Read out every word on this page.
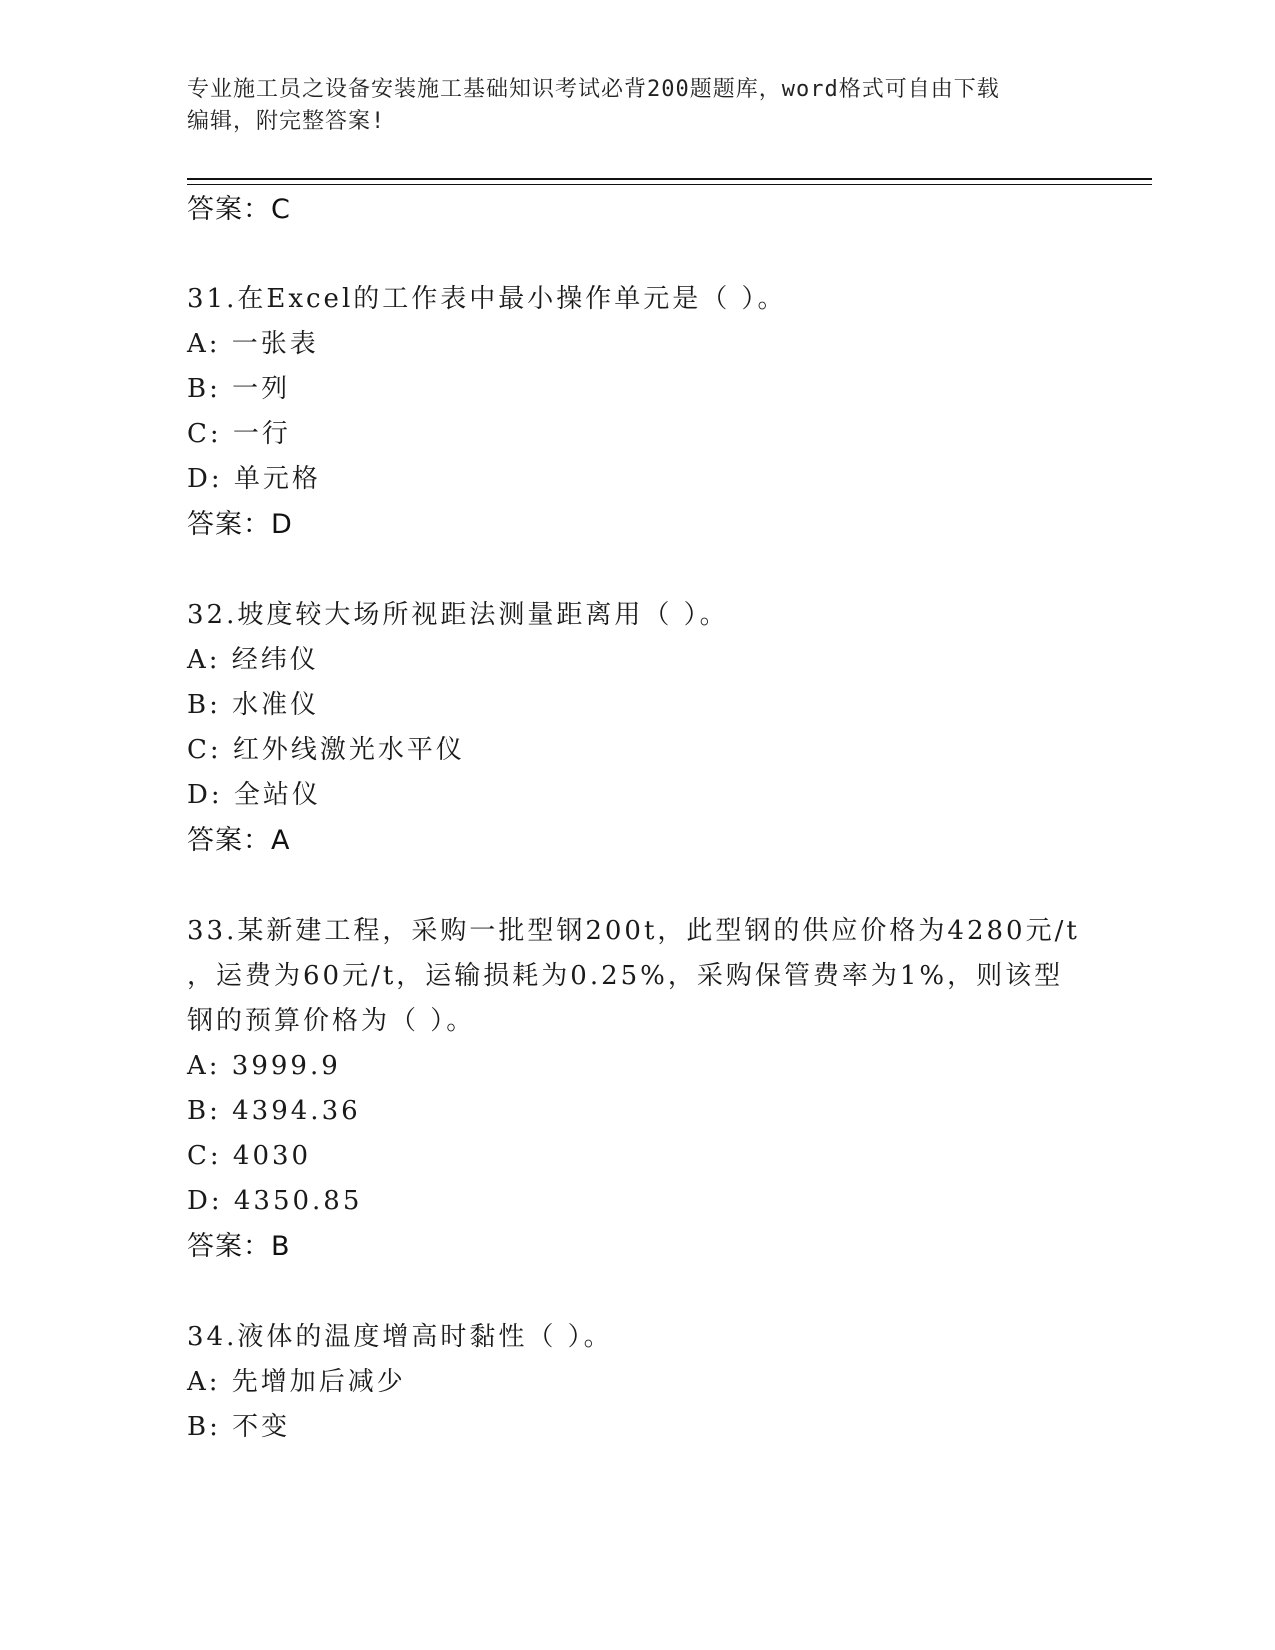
专业施工员之设备安装施工基础知识考试必背200题题库，word格式可自由下载
编辑，附完整答案!
答案：C
31.在Excel的工作表中最小操作单元是（ ）。
A: 一张表
B: 一列
C: 一行
D: 单元格
答案：D
32.坡度较大场所视距法测量距离用（ ）。
A: 经纬仪
B: 水准仪
C: 红外线激光水平仪
D: 全站仪
答案：A
33.某新建工程，采购一批型钢200t，此型钢的供应价格为4280元/t
，运费为60元/t，运输损耗为0.25%，采购保管费率为1%，则该型
钢的预算价格为（ ）。
A: 3999.9
B: 4394.36
C: 4030
D: 4350.85
答案：B
34.液体的温度增高时黏性（ ）。
A: 先增加后减少
B: 不变
